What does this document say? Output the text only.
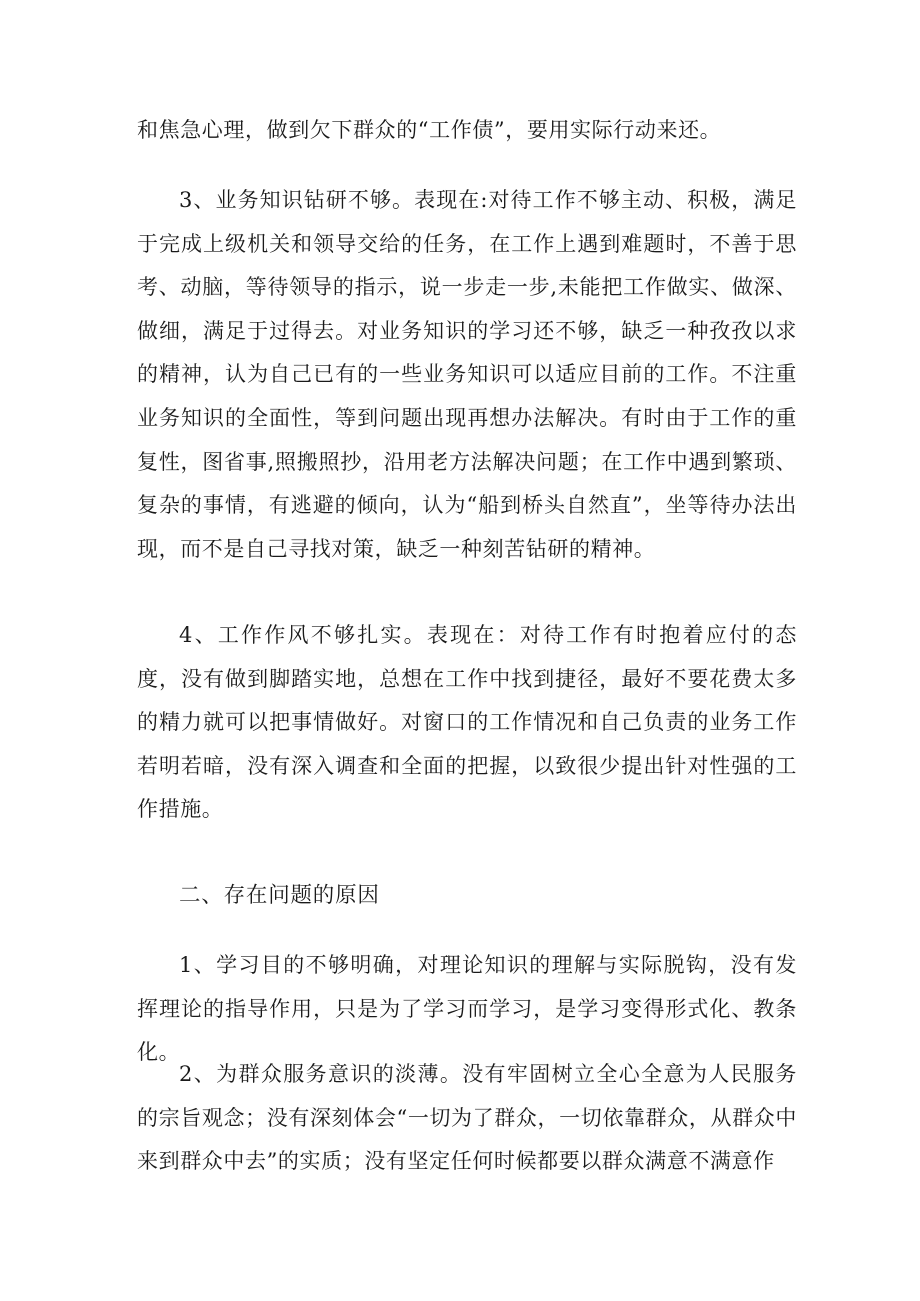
和焦急心理，做到欠下群众的“工作债”，要用实际行动来还。

3、业务知识钻研不够。表现在:对待工作不够主动、积极，满足于完成上级机关和领导交给的任务，在工作上遇到难题时，不善于思考、动脑，等待领导的指示，说一步走一步,未能把工作做实、做深、做细，满足于过得去。对业务知识的学习还不够，缺乏一种孜孜以求的精神，认为自己已有的一些业务知识可以适应目前的工作。不注重业务知识的全面性，等到问题出现再想办法解决。有时由于工作的重复性，图省事,照搬照抄，沿用老方法解决问题；在工作中遇到繁琐、复杂的事情，有逃避的倾向，认为“船到桥头自然直”，坐等待办法出现，而不是自己寻找对策，缺乏一种刻苦钻研的精神。

4、工作作风不够扎实。表现在：对待工作有时抱着应付的态度，没有做到脚踏实地，总想在工作中找到捷径，最好不要花费太多的精力就可以把事情做好。对窗口的工作情况和自己负责的业务工作若明若暗，没有深入调查和全面的把握，以致很少提出针对性强的工作措施。

二、存在问题的原因

1、学习目的不够明确，对理论知识的理解与实际脱钩，没有发挥理论的指导作用，只是为了学习而学习，是学习变得形式化、教条化。

2、为群众服务意识的淡薄。没有牢固树立全心全意为人民服务的宗旨观念；没有深刻体会“一切为了群众，一切依靠群众，从群众中来到群众中去”的实质；没有坚定任何时候都要以群众满意不满意作
